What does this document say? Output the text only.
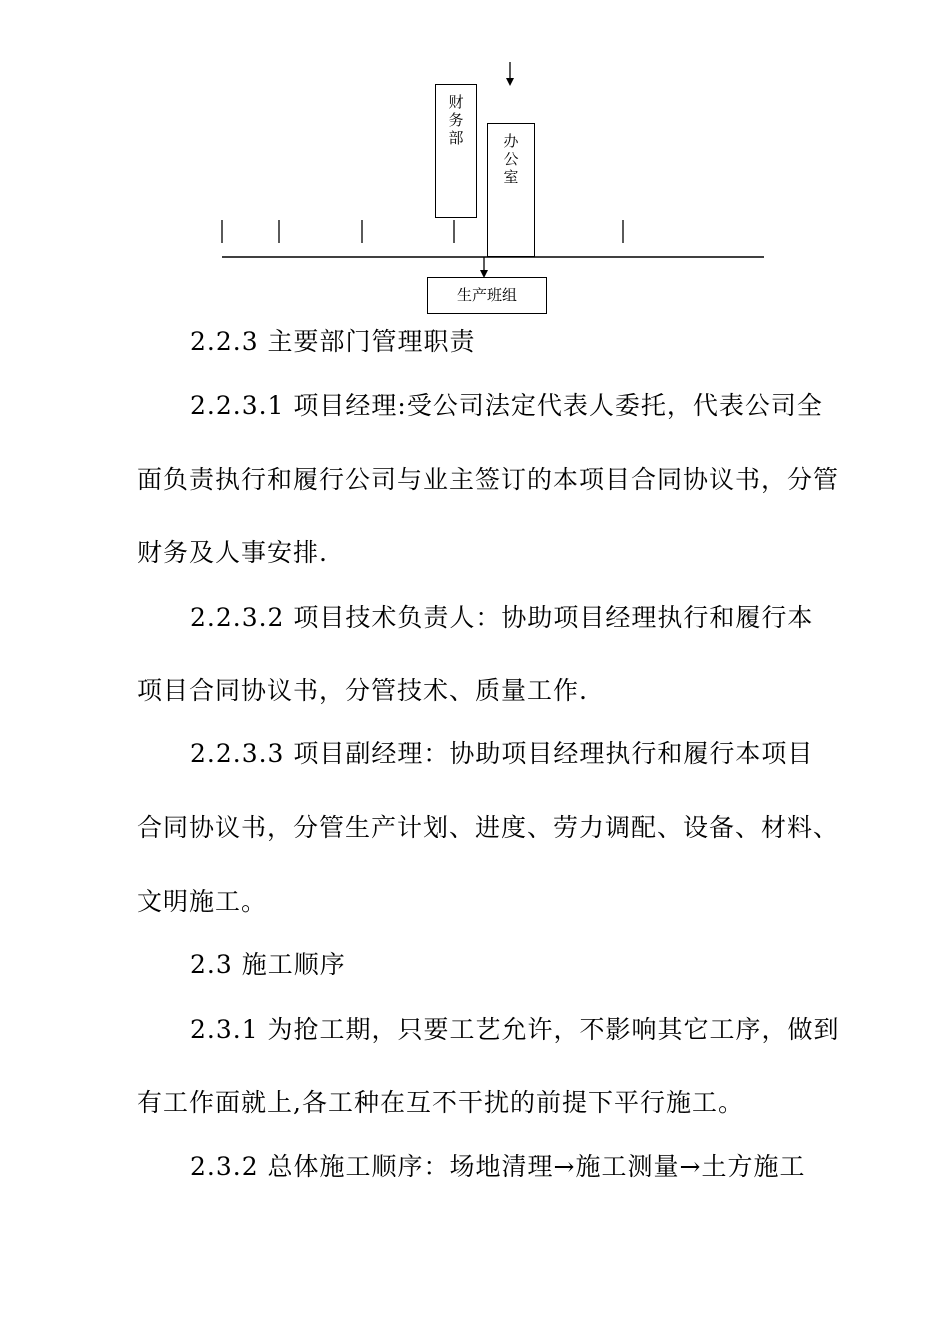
财
务
部	办
公
室
生产班组
2.2.3 主要部门管理职责
2.2.3.1 项目经理:受公司法定代表人委托，代表公司全
面负责执行和履行公司与业主签订的本项目合同协议书，分管
财务及人事安排.
2.2.3.2 项目技术负责人：协助项目经理执行和履行本
项目合同协议书，分管技术、质量工作.
2.2.3.3 项目副经理：协助项目经理执行和履行本项目
合同协议书，分管生产计划、进度、劳力调配、设备、材料、
文明施工。
2.3 施工顺序
2.3.1 为抢工期，只要工艺允许，不影响其它工序，做到
有工作面就上,各工种在互不干扰的前提下平行施工。
2.3.2 总体施工顺序：场地清理→施工测量→土方施工
